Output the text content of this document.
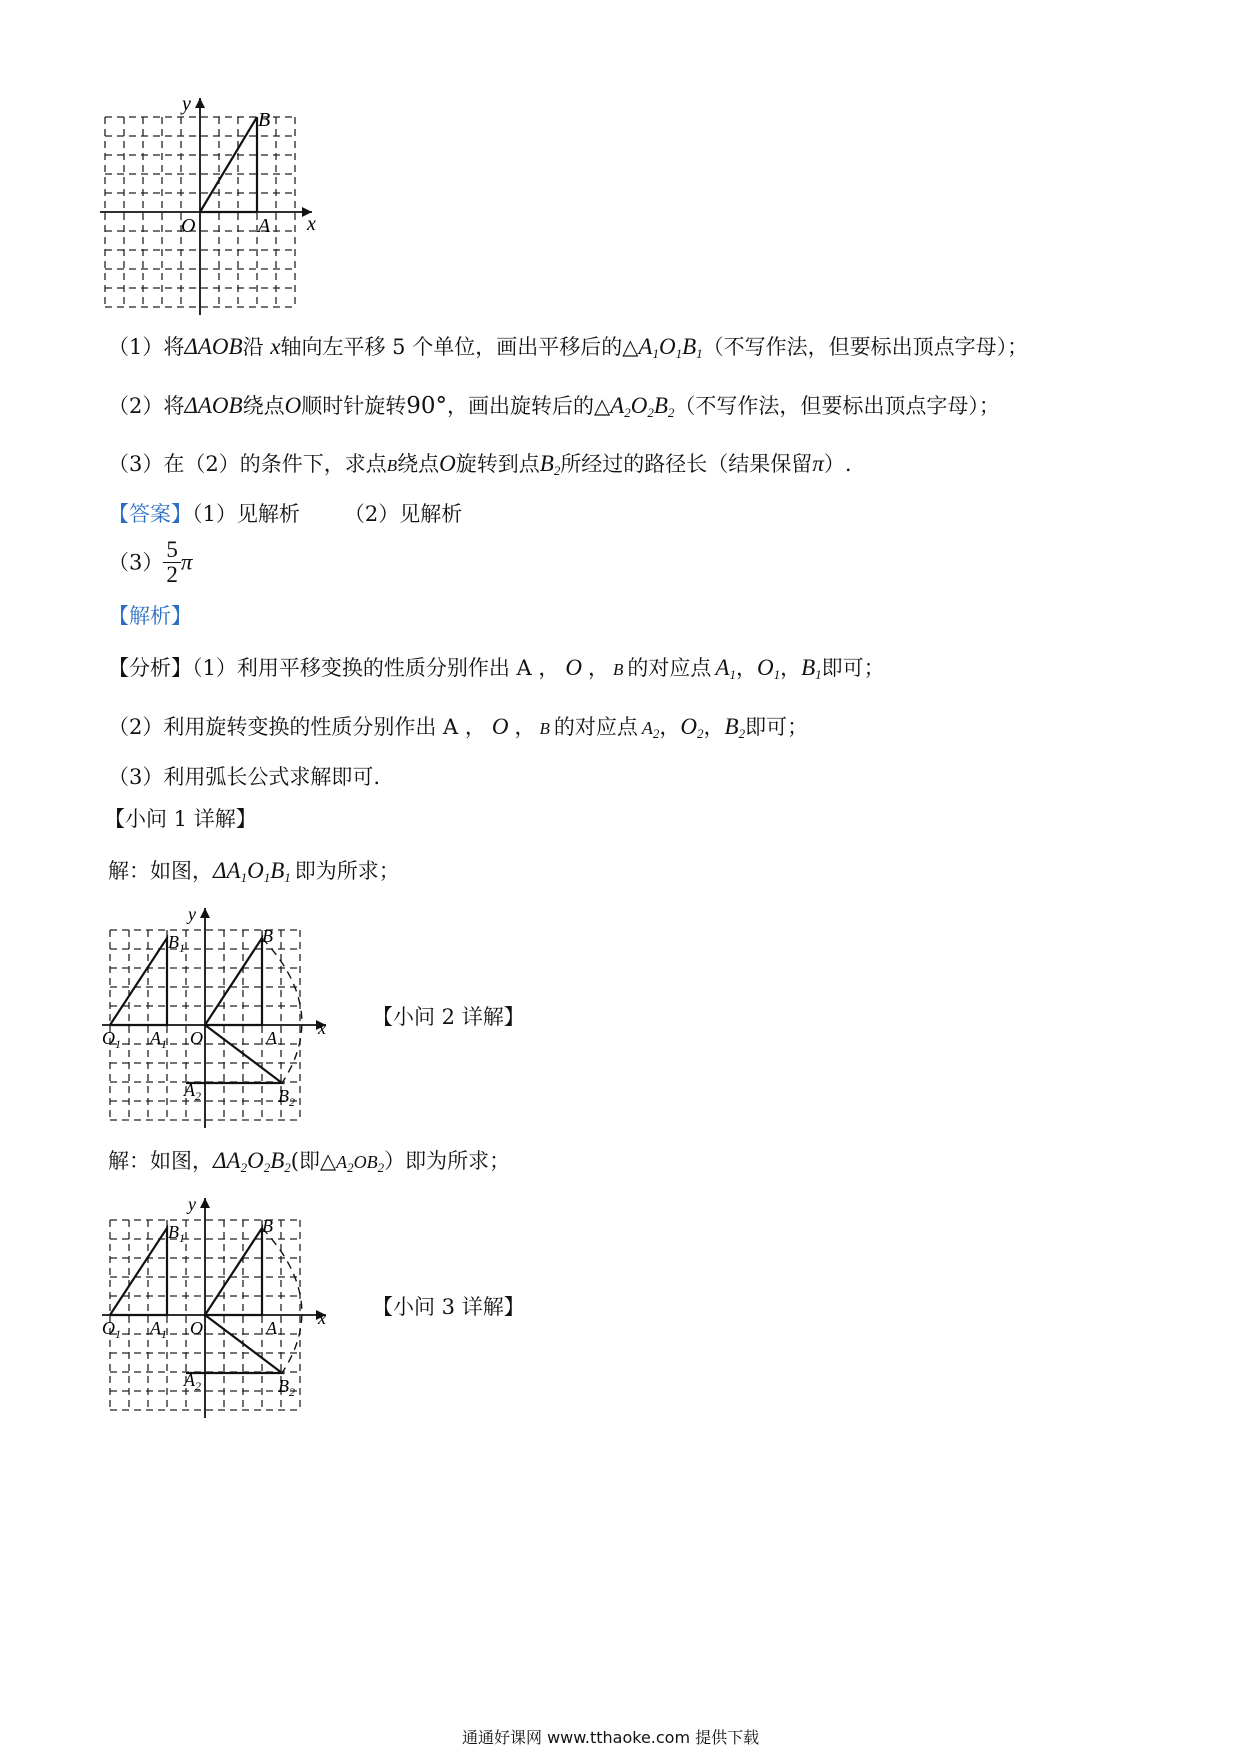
y
x
O	A
B
（1）将ΔAOB沿 x轴向左平移 5 个单位，画出平移后的$\triangle A_1O_1B_1$（不写作法，但要标出顶点字母）；
（2）将ΔAOB绕点O顺时针旋转90°，画出旋转后的$\triangle A_2O_2B_2$（不写作法，但要标出顶点字母）；
（3）在（2）的条件下，求点B绕点O旋转到点$B_2$所经过的路径长（结果保留π）.
【答案】（1）见解析 （2）见解析
$(3) \frac{5}{2}$ π
【解析】
【分析】（1）利用平移变换的性质分别作出 A ， O ， B 的对应点 $A_1$，$O_1$，$B_1$即可；
（2）利用旋转变换的性质分别作出 A ， O ， B 的对应点 $A_2$，$O_2$，$B_2$即可；
（3）利用弧长公式求解即可.
【小问 1 详解】
解：如图，$\Delta A_1O_1B_1$ 即为所求；
y
x
O	A
B
$O_1$ $A_1$
$B_1$
$A_2$	$B_2$
【小问 2 详解】
解：如图，$\Delta A_2O_2B_2$(即$\triangle A_2OB_2$）即为所求；
y
x
O	A
B
$O_1$ $A_1$
$B_1$
$A_2$	$B_2$
【小问 3 详解】
通通好课网 www.tthaoke.com 提供下载
